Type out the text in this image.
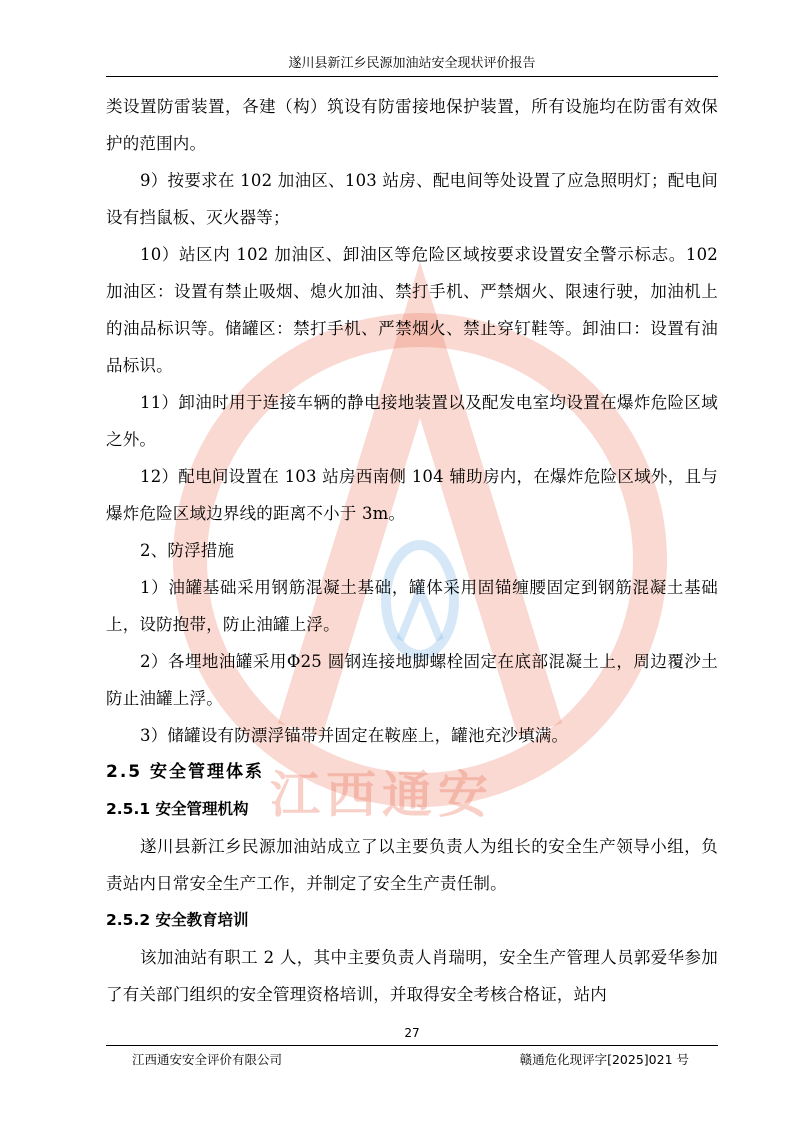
江西通安
遂川县新江乡民源加油站安全现状评价报告

类设置防雷装置，各建（构）筑设有防雷接地保护装置，所有设施均在防雷有效保护的范围内。

9）按要求在 102 加油区、103 站房、配电间等处设置了应急照明灯；配电间设有挡鼠板、灭火器等；

10）站区内 102 加油区、卸油区等危险区域按要求设置安全警示标志。102 加油区：设置有禁止吸烟、熄火加油、禁打手机、严禁烟火、限速行驶，加油机上的油品标识等。储罐区：禁打手机、严禁烟火、禁止穿钉鞋等。卸油口：设置有油品标识。

11）卸油时用于连接车辆的静电接地装置以及配发电室均设置在爆炸危险区域之外。

12）配电间设置在 103 站房西南侧 104 辅助房内，在爆炸危险区域外，且与爆炸危险区域边界线的距离不小于 3m。

2、防浮措施

1）油罐基础采用钢筋混凝土基础，罐体采用固锚缠腰固定到钢筋混凝土基础上，设防抱带，防止油罐上浮。

2）各埋地油罐采用Φ25 圆钢连接地脚螺栓固定在底部混凝土上，周边覆沙土防止油罐上浮。

3）储罐设有防漂浮锚带并固定在鞍座上，罐池充沙填满。

2.5 安全管理体系

2.5.1 安全管理机构

遂川县新江乡民源加油站成立了以主要负责人为组长的安全生产领导小组，负责站内日常安全生产工作，并制定了安全生产责任制。

2.5.2 安全教育培训

该加油站有职工 2 人，其中主要负责人肖瑞明，安全生产管理人员郭爱华参加了有关部门组织的安全管理资格培训，并取得安全考核合格证，站内

27
江西通安安全评价有限公司	赣通危化现评字[2025]021 号
